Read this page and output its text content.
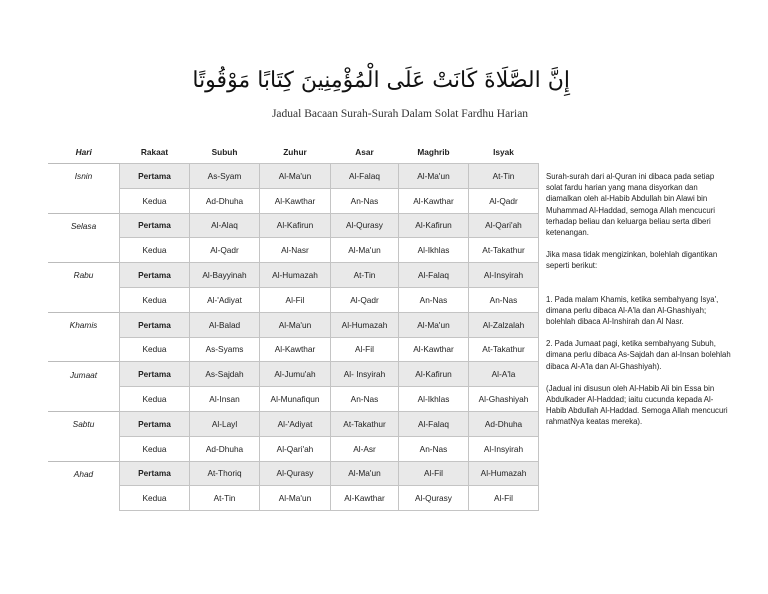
إِنَّ الصَّلَاةَ كَانَتْ عَلَى الْمُؤْمِنِينَ كِتَابًا مَوْقُوتًا
Jadual Bacaan Surah-Surah Dalam Solat Fardhu Harian
Hari	Rakaat	Subuh	Zuhur	Asar	Maghrib	Isyak
Isnin	Pertama	As-Syam	Al-Ma'un	Al-Falaq	Al-Ma'un	At-Tin
	Kedua	Ad-Dhuha	Al-Kawthar	An-Nas	Al-Kawthar	Al-Qadr
Selasa	Pertama	Al-Alaq	Al-Kafirun	Al-Qurasy	Al-Kafirun	Al-Qari'ah
	Kedua	Al-Qadr	Al-Nasr	Al-Ma'un	Al-Ikhlas	At-Takathur
Rabu	Pertama	Al-Bayyinah	Al-Humazah	At-Tin	Al-Falaq	Al-Insyirah
	Kedua	Al-'Adiyat	Al-Fil	Al-Qadr	An-Nas	An-Nas
Khamis	Pertama	Al-Balad	Al-Ma'un	Al-Humazah	Al-Ma'un	Al-Zalzalah
	Kedua	As-Syams	Al-Kawthar	Al-Fil	Al-Kawthar	At-Takathur
Jumaat	Pertama	As-Sajdah	Al-Jumu'ah	Al- Insyirah	Al-Kafirun	Al-A'la
	Kedua	Al-Insan	Al-Munafiqun	An-Nas	Al-Ikhlas	Al-Ghashiyah
Sabtu	Pertama	Al-Layl	Al-'Adiyat	At-Takathur	Al-Falaq	Ad-Dhuha
	Kedua	Ad-Dhuha	Al-Qari'ah	Al-Asr	An-Nas	Al-Insyirah
Ahad	Pertama	At-Thoriq	Al-Qurasy	Al-Ma'un	Al-Fil	Al-Humazah
	Kedua	At-Tin	Al-Ma'un	Al-Kawthar	Al-Qurasy	Al-Fil

Surah-surah dari al-Quran ini dibaca pada setiap solat fardu harian yang mana disyorkan dan diamalkan oleh al-Habib Abdullah bin Alawi bin Muhammad Al-Haddad, semoga Allah mencucuri terhadap beliau dan keluarga beliau serta diberi ketenangan.

Jika masa tidak mengizinkan, bolehlah digantikan seperti berikut:

1. Pada malam Khamis, ketika sembahyang Isya', dimana perlu dibaca Al-A'la dan Al-Ghashiyah; bolehlah dibaca Al-Inshirah dan Al Nasr.

2. Pada Jumaat pagi, ketika sembahyang Subuh, dimana perlu dibaca As-Sajdah dan al-Insan bolehlah dibaca Al-A'la dan Al-Ghashiyah).

(Jadual ini disusun oleh Al-Habib Ali bin Essa bin Abdulkader Al-Haddad; iaitu cucunda kepada Al-Habib Abdullah Al-Haddad. Semoga Allah mencucuri rahmatNya keatas mereka).
